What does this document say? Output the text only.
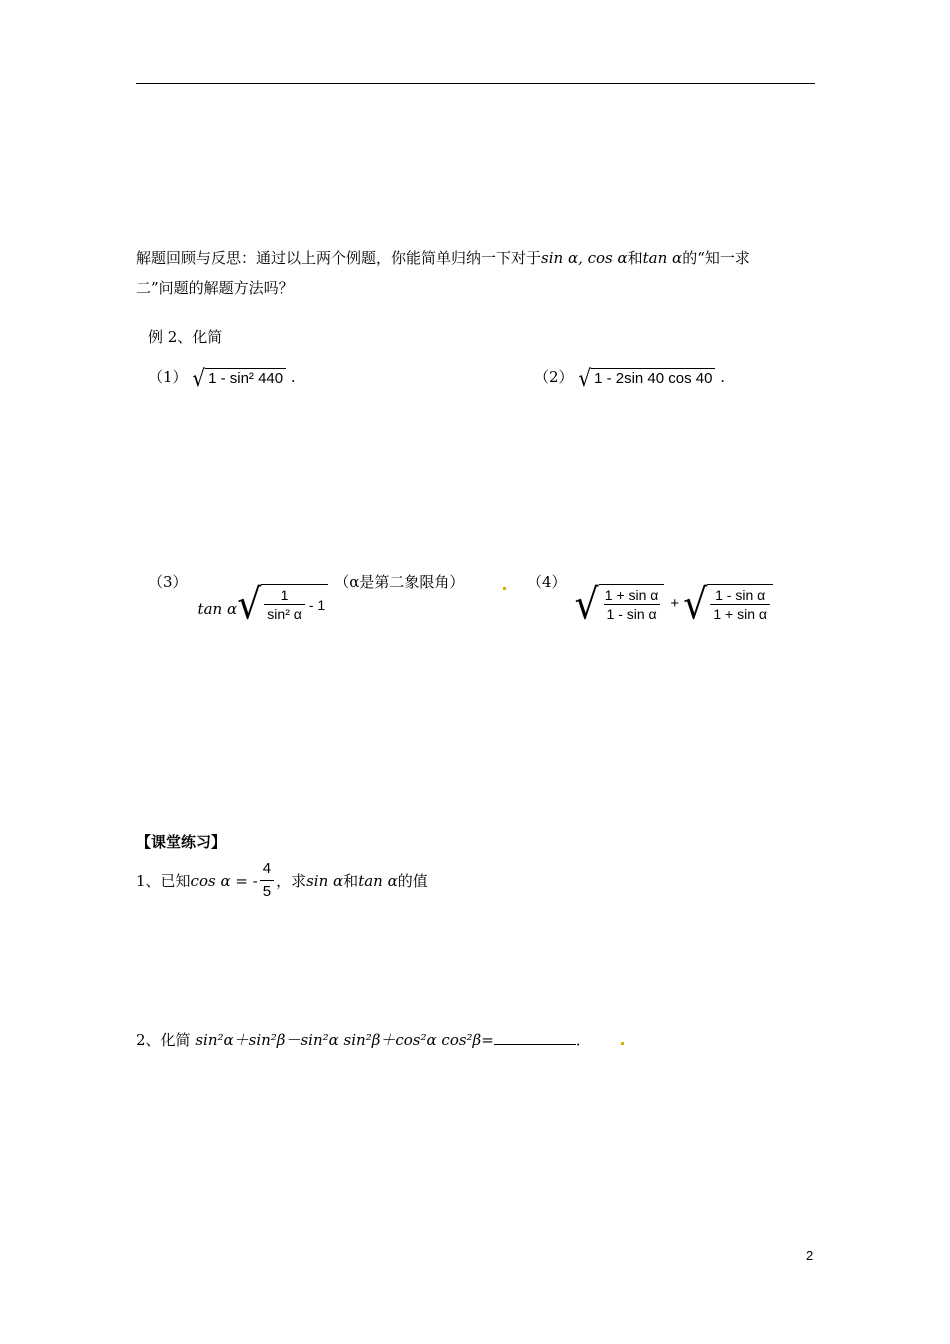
解题回顾与反思：通过以上两个例题，你能简单归纳一下对于sin α, cos α和tan α的“知一求
二”问题的解题方法吗？
例 2、化简
（1） √ 1 - sin² 440 .	（2） √ 1 - 2sin 40 cos 40 .
（3）
tan α √ $\frac{1}{\text{sin² α}} - 1$
（α是第二象限角）	（4） √ $\frac{\text{1 + sin α}}{\text{1 - sin α}}$ + √ $\frac{\text{1 - sin α}}{\text{1 + sin α}}$
【课堂练习】
1、已知 cos α = - $\frac{4}{5}$ ，求 sin α 和 tan α 的值
2、化简 sin²α＋sin²β－sin²α sin²β＋cos²α cos²β=	．
2
